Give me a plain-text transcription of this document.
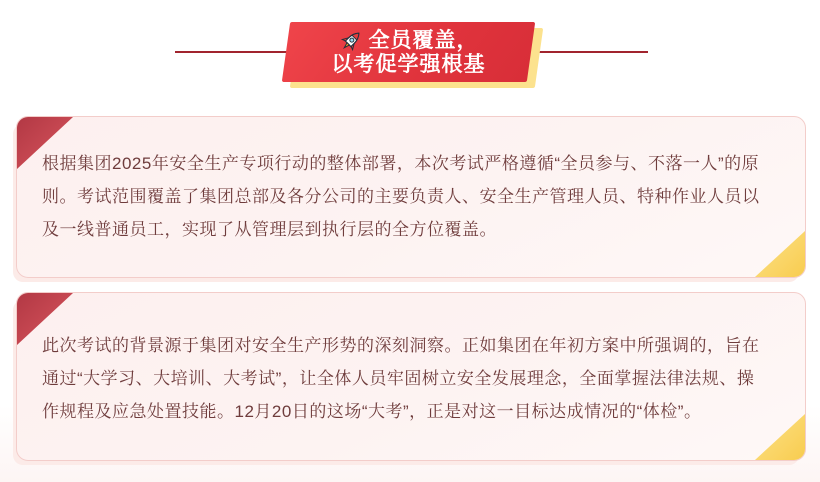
全员覆盖，
以考促学强根基
根据集团2025年安全生产专项行动的整体部署，本次考试严格遵循“全员参与、不落一人”的原
则。考试范围覆盖了集团总部及各分公司的主要负责人、安全生产管理人员、特种作业人员以
及一线普通员工，实现了从管理层到执行层的全方位覆盖。
此次考试的背景源于集团对安全生产形势的深刻洞察。正如集团在年初方案中所强调的，旨在
通过“大学习、大培训、大考试”，让全体人员牢固树立安全发展理念，全面掌握法律法规、操
作规程及应急处置技能。12月20日的这场“大考”，正是对这一目标达成情况的“体检”。
